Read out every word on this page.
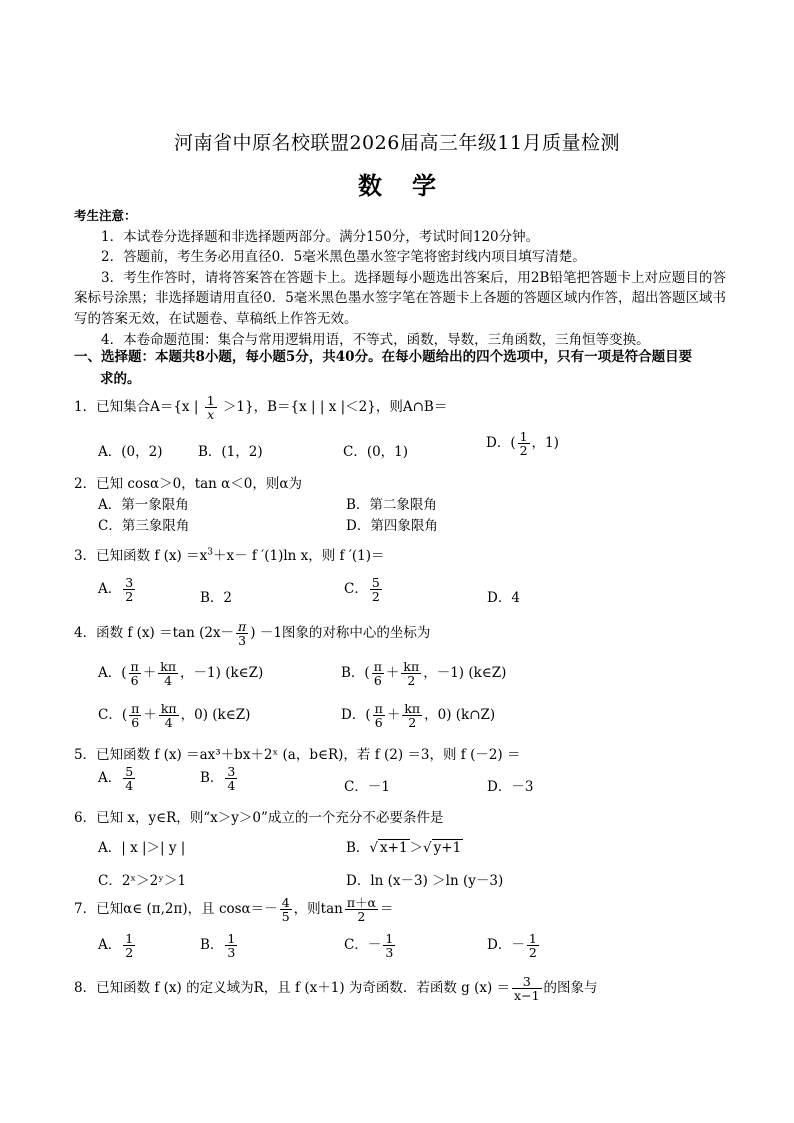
河南省中原名校联盟2026届高三年级11月质量检测
数学
考生注意：

1．本试卷分选择题和非选择题两部分。满分150分，考试时间120分钟。

2．答题前，考生务必用直径0．5毫米黑色墨水签字笔将密封线内项目填写清楚。

3．考生作答时，请将答案答在答题卡上。选择题每小题选出答案后，用2B铅笔把答题卡上对应题目的答案标号涂黑；非选择题请用直径0．5毫米黑色墨水签字笔在答题卡上各题的答题区域内作答，超出答题区域书写的答案无效，在试题卷、草稿纸上作答无效。

4．本卷命题范围：集合与常用逻辑用语，不等式，函数，导数，三角函数，三角恒等变换。

一、选择题：本题共8小题，每小题5分，共40分。在每小题给出的四个选项中，只有一项是符合题目要
求的。
1．已知集合A＝{x | $\frac{1}{x} >1$}，B＝{x | | x |＜2}，则A∩B＝
A．(0，2)	B．(1，2)	C．(0，1)
D．( $\frac{1}{2}$ ，1)
2．已知 cosα＞0，tan α＜0，则α为
A．第一象限角	B．第二象限角
C．第三象限角	D．第四象限角
3．已知函数 f $(x) =x^3+x- f$ ′(1)ln x，则 f ′(1)＝
A． $\frac{3}{2}$	B．2
C． $\frac{5}{2}$	D．4
4．函数 f (x) ＝tan ($2x- \frac{\pi}{3}$ ) －1图象的对称中心的坐标为
A．( $\frac{\pi}{6} + \frac{k\pi}{4}$ ，－1) (k∈Z)	B．( $\frac{\pi}{6} + \frac{k\pi}{2}$ ，－1) (k∈Z)
C．( $\frac{\pi}{6} + \frac{k\pi}{4}$ ，0) (k∈Z)	D．( $\frac{\pi}{6} + \frac{k\pi}{2}$ ，0) (k∩Z)
5．已知函数 f (x) ＝ax³＋bx＋2ˣ (a，b∈R)，若 f (2) ＝3，则 f (－2) ＝
A． $\frac{5}{4}$	B． $\frac{3}{4}$	C．－1	D．－3
6．已知 x，y∈R，则“x＞y＞0”成立的一个充分不必要条件是
A．| x |＞| y |	B．√ x+1 ＞√ y+1
C．2ˣ＞2ʸ＞1	D．ln (x－3) ＞ln (y－3)
7．已知α∈ (π,2π)，且 $\cos\alpha=- \frac{4}{5}$ ，则$\tan \frac{\pi+\alpha}{2}$ ＝
A． $\frac{1}{2}$	B． $\frac{1}{3}$	C．－ $\frac{1}{3}$	D．－ $\frac{1}{2}$
8．已知函数 f (x) 的定义域为R，且 f (x＋1) 为奇函数．若函数 g $(x) = \frac{3}{x-1}$ 的图象与
